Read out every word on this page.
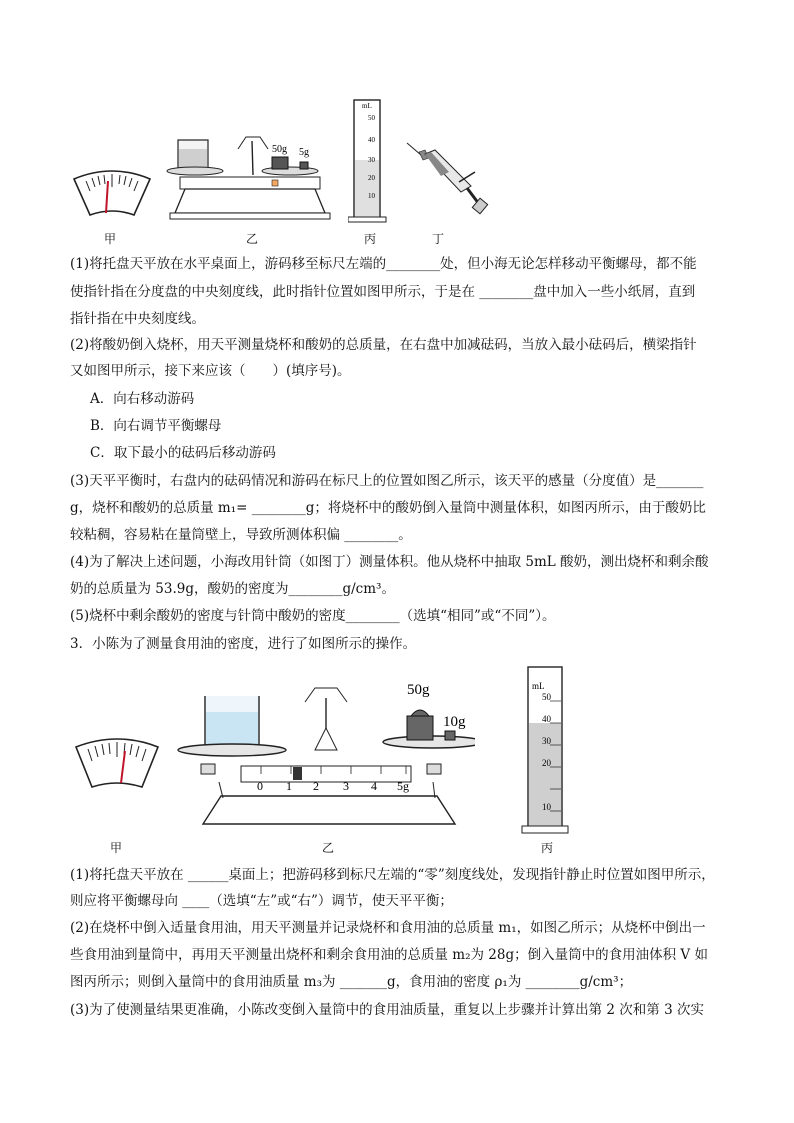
50g 5g
mL
50
40
30
20
10
甲	乙	丙	丁

(1)将托盘天平放在水平桌面上，游码移至标尺左端的________处，但小海无论怎样移动平衡螺母，都不能

使指针指在分度盘的中央刻度线，此时指针位置如图甲所示，于是在 ________盘中加入一些小纸屑，直到

指针指在中央刻度线。

(2)将酸奶倒入烧杯，用天平测量烧杯和酸奶的总质量，在右盘中加减砝码，当放入最小砝码后，横梁指针

又如图甲所示，接下来应该（　　）(填序号)。

A．向右移动游码

B．向右调节平衡螺母

C．取下最小的砝码后移动游码

(3)天平平衡时，右盘内的砝码情况和游码在标尺上的位置如图乙所示，该天平的感量（分度值）是_______

g，烧杯和酸奶的总质量 m₁= ________g；将烧杯中的酸奶倒入量筒中测量体积，如图丙所示，由于酸奶比

较粘稠，容易粘在量筒壁上，导致所测体积偏 ________。

(4)为了解决上述问题，小海改用针筒（如图丁）测量体积。他从烧杯中抽取 5mL 酸奶，测出烧杯和剩余酸

奶的总质量为 53.9g，酸奶的密度为________g/cm³。

(5)烧杯中剩余酸奶的密度与针筒中酸奶的密度________（选填“相同”或“不同”）。

3．小陈为了测量食用油的密度，进行了如图所示的操作。

50g
10g
0 1 2 3 4 5g
mL
50
40
30
20
10
甲	乙	丙

(1)将托盘天平放在 ______桌面上；把游码移到标尺左端的“零”刻度线处，发现指针静止时位置如图甲所示，

则应将平衡螺母向 ____（选填“左”或“右”）调节，使天平平衡；

(2)在烧杯中倒入适量食用油，用天平测量并记录烧杯和食用油的总质量 m₁，如图乙所示；从烧杯中倒出一

些食用油到量筒中，再用天平测量出烧杯和剩余食用油的总质量 m₂为 28g；倒入量筒中的食用油体积 V 如

图丙所示；则倒入量筒中的食用油质量 m₃为 _______g，食用油的密度 ρ₁为 ________g/cm³；

(3)为了使测量结果更准确，小陈改变倒入量筒中的食用油质量，重复以上步骤并计算出第 2 次和第 3 次实
